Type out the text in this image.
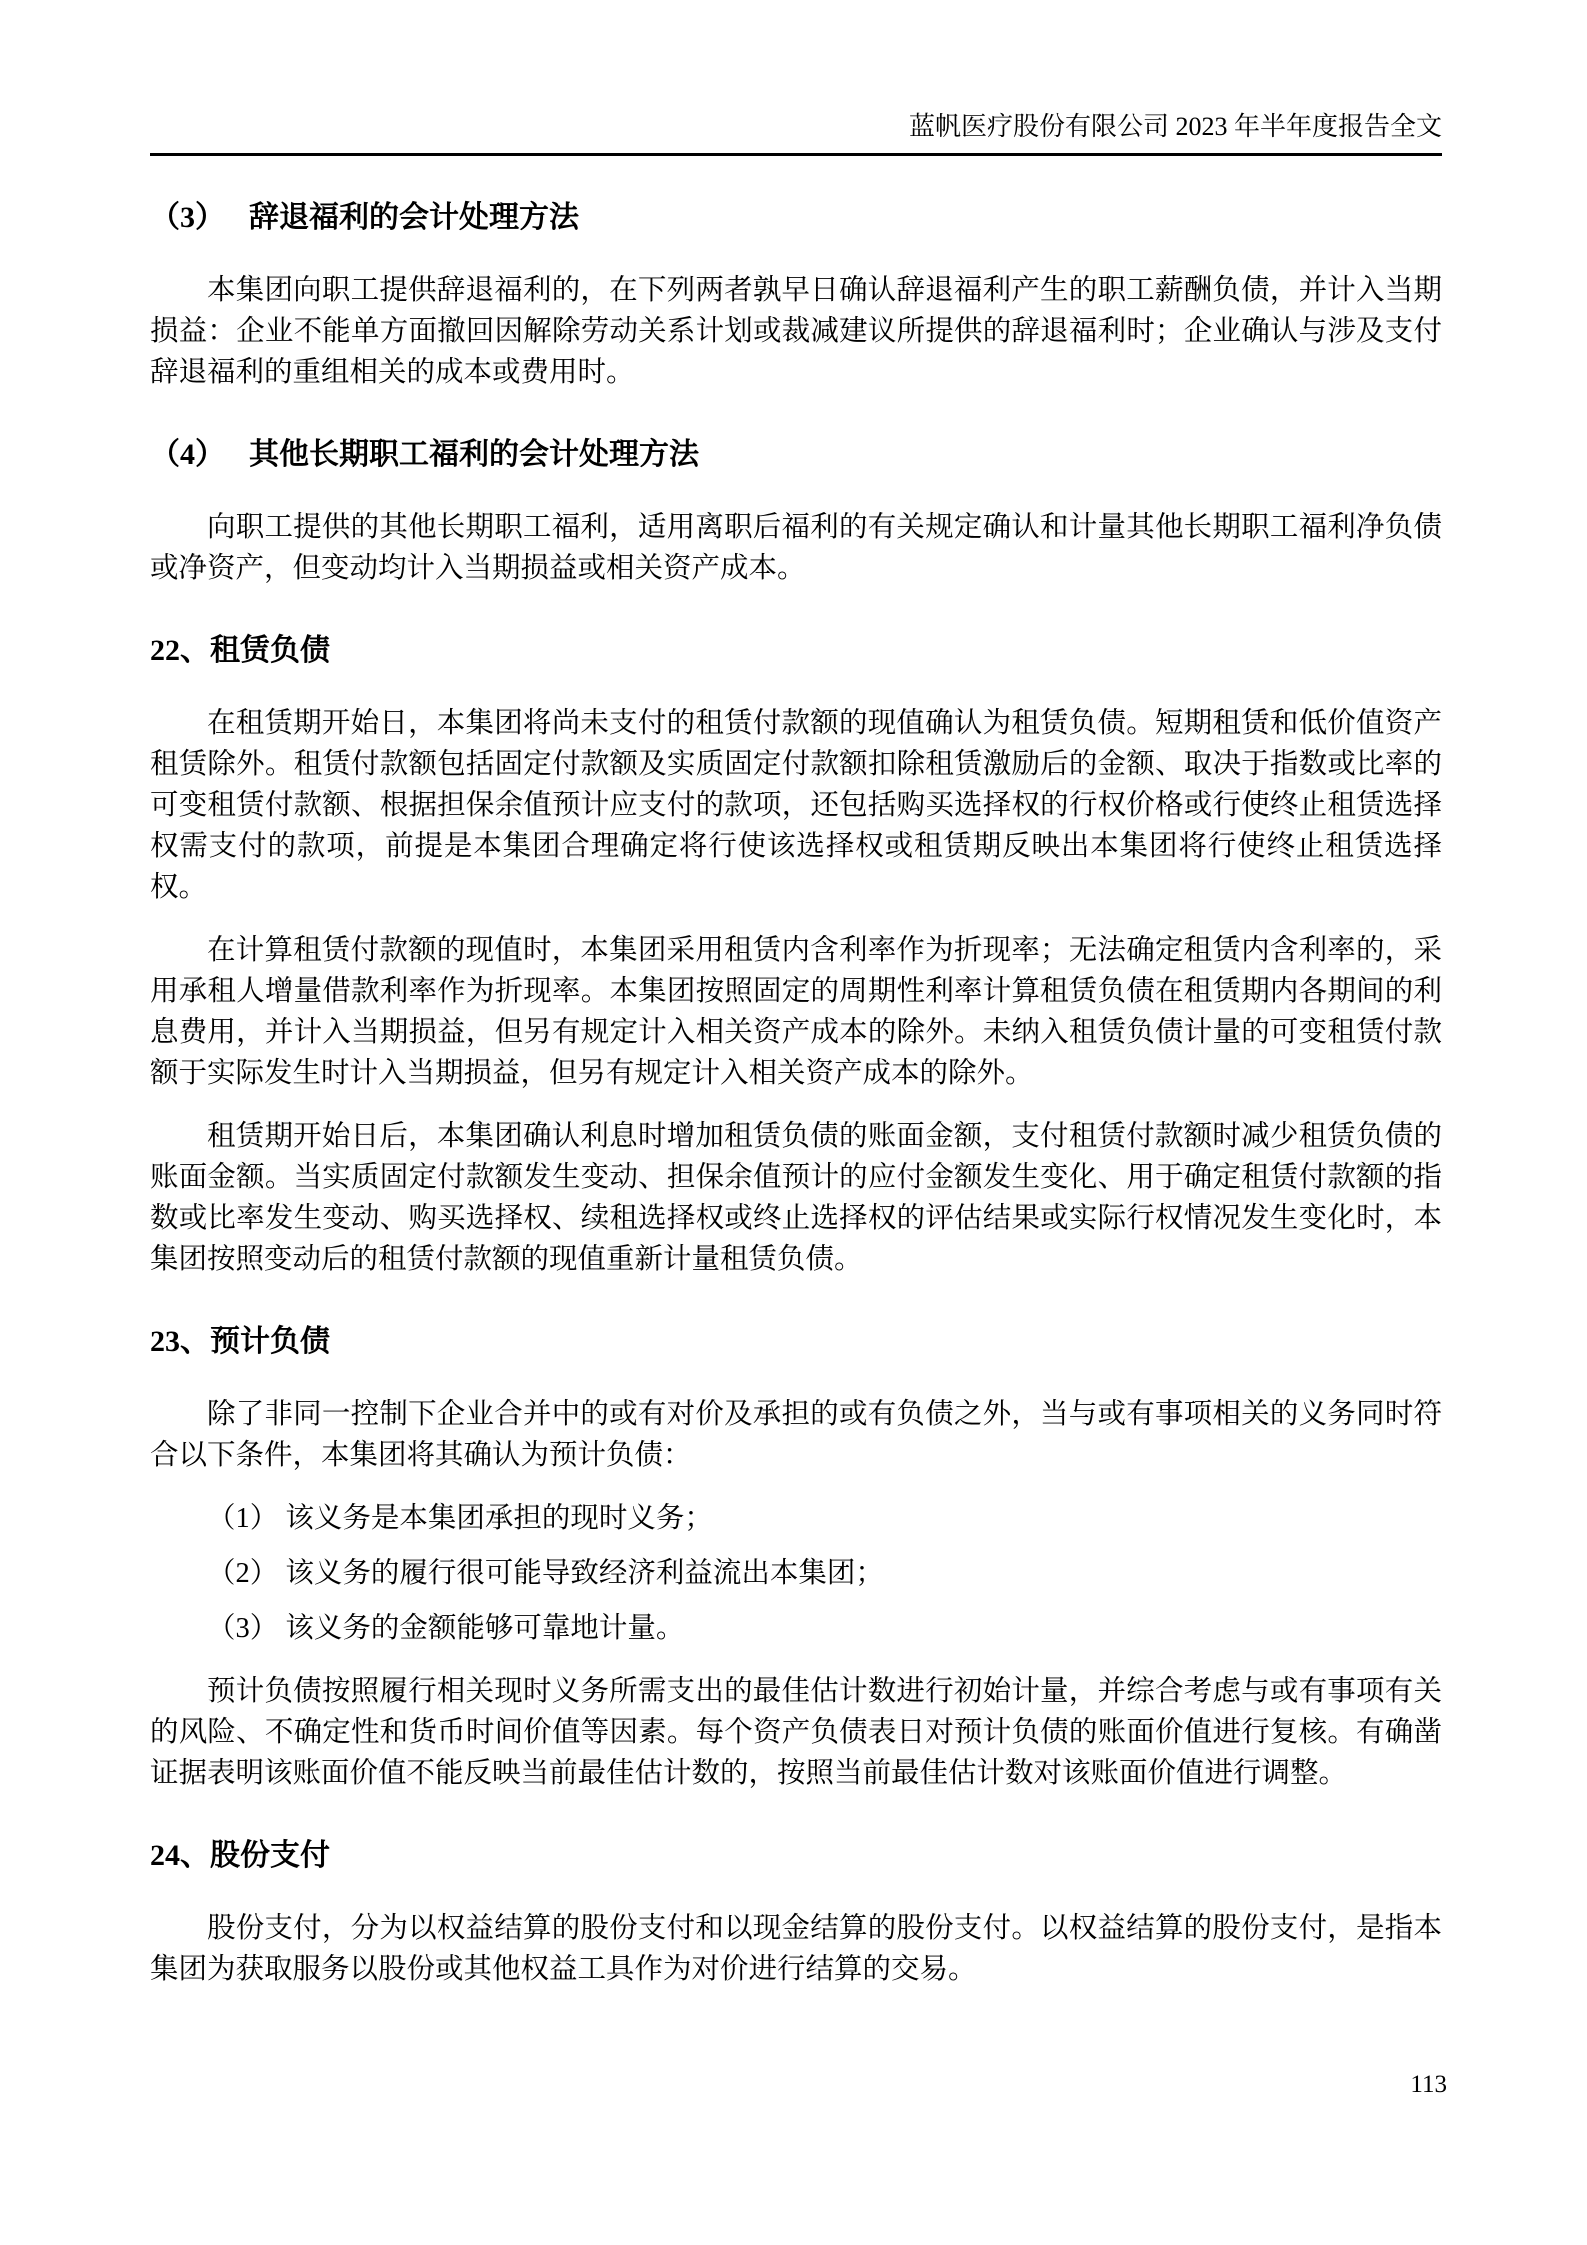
蓝帆医疗股份有限公司 2023 年半年度报告全文
（3） 辞退福利的会计处理方法

本集团向职工提供辞退福利的，在下列两者孰早日确认辞退福利产生的职工薪酬负债，并计入当期损益：企业不能单方面撤回因解除劳动关系计划或裁减建议所提供的辞退福利时；企业确认与涉及支付辞退福利的重组相关的成本或费用时。

（4） 其他长期职工福利的会计处理方法

向职工提供的其他长期职工福利，适用离职后福利的有关规定确认和计量其他长期职工福利净负债或净资产，但变动均计入当期损益或相关资产成本。

22、租赁负债

在租赁期开始日，本集团将尚未支付的租赁付款额的现值确认为租赁负债。短期租赁和低价值资产租赁除外。租赁付款额包括固定付款额及实质固定付款额扣除租赁激励后的金额、取决于指数或比率的可变租赁付款额、根据担保余值预计应支付的款项，还包括购买选择权的行权价格或行使终止租赁选择权需支付的款项，前提是本集团合理确定将行使该选择权或租赁期反映出本集团将行使终止租赁选择权。

在计算租赁付款额的现值时，本集团采用租赁内含利率作为折现率；无法确定租赁内含利率的，采用承租人增量借款利率作为折现率。本集团按照固定的周期性利率计算租赁负债在租赁期内各期间的利息费用，并计入当期损益，但另有规定计入相关资产成本的除外。未纳入租赁负债计量的可变租赁付款额于实际发生时计入当期损益，但另有规定计入相关资产成本的除外。

租赁期开始日后，本集团确认利息时增加租赁负债的账面金额，支付租赁付款额时减少租赁负债的账面金额。当实质固定付款额发生变动、担保余值预计的应付金额发生变化、用于确定租赁付款额的指数或比率发生变动、购买选择权、续租选择权或终止选择权的评估结果或实际行权情况发生变化时，本集团按照变动后的租赁付款额的现值重新计量租赁负债。

23、预计负债

除了非同一控制下企业合并中的或有对价及承担的或有负债之外，当与或有事项相关的义务同时符合以下条件，本集团将其确认为预计负债：

（1） 该义务是本集团承担的现时义务；

（2） 该义务的履行很可能导致经济利益流出本集团；

（3） 该义务的金额能够可靠地计量。

预计负债按照履行相关现时义务所需支出的最佳估计数进行初始计量，并综合考虑与或有事项有关的风险、不确定性和货币时间价值等因素。每个资产负债表日对预计负债的账面价值进行复核。有确凿证据表明该账面价值不能反映当前最佳估计数的，按照当前最佳估计数对该账面价值进行调整。

24、股份支付

股份支付，分为以权益结算的股份支付和以现金结算的股份支付。以权益结算的股份支付，是指本集团为获取服务以股份或其他权益工具作为对价进行结算的交易。

113
